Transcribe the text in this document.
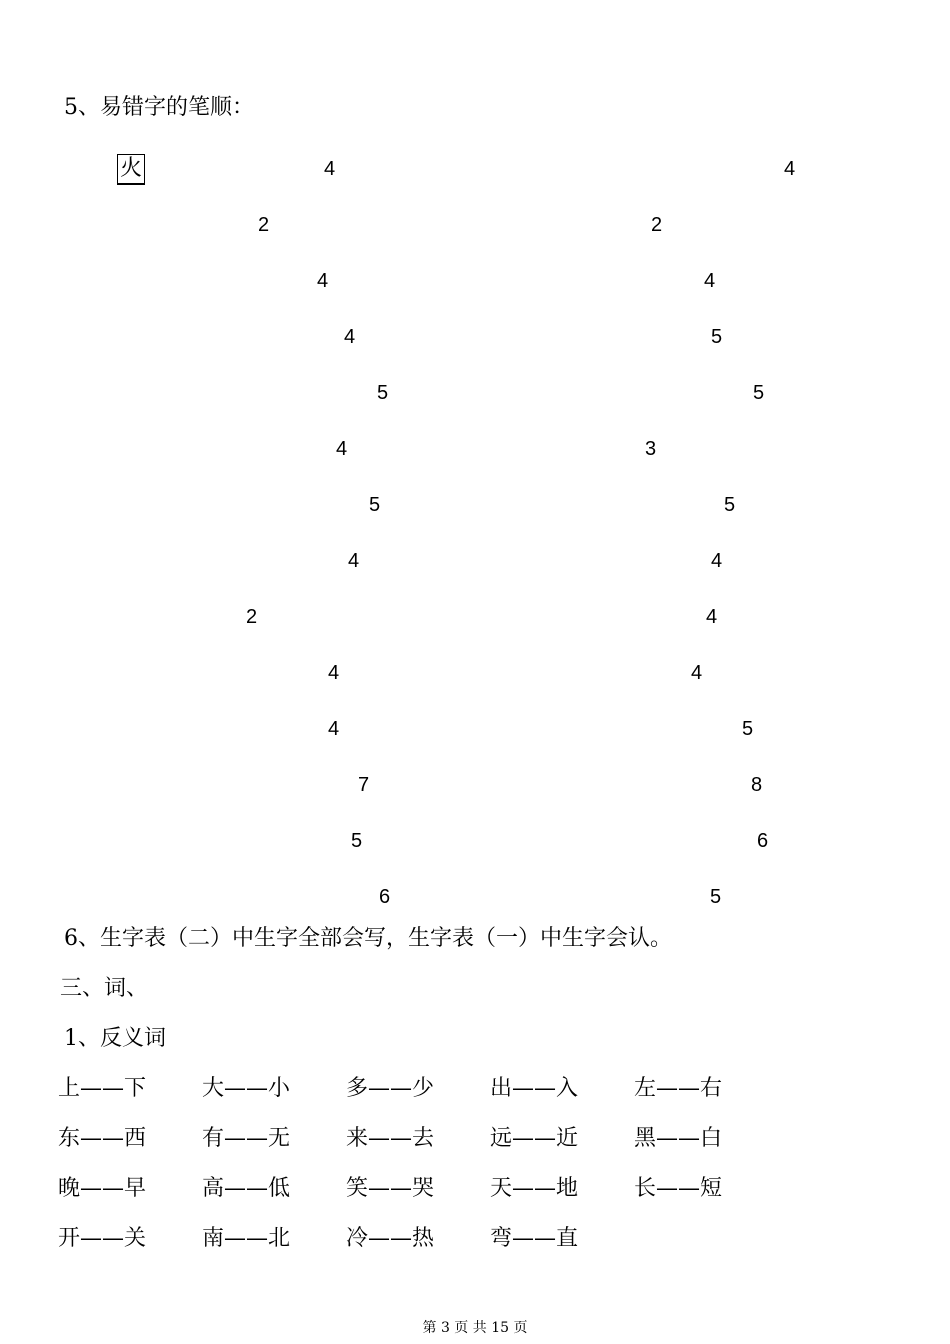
5、易错字的笔顺：
火	4	4
2	2
4	4
4	5
5	5
4	3
5	5
4	4
2	4
4	4
4	5
7	8
5	6
6	5
6、生字表（二）中生字全部会写，生字表（一）中生字会认。
三、词、
1、反义词
上——下	大——小	多——少	出——入	左——右
东——西	有——无	来——去	远——近	黑——白
晚——早	高——低	笑——哭	天——地	长——短
开——关	南——北	冷——热	弯——直
第 3 页 共 15 页
